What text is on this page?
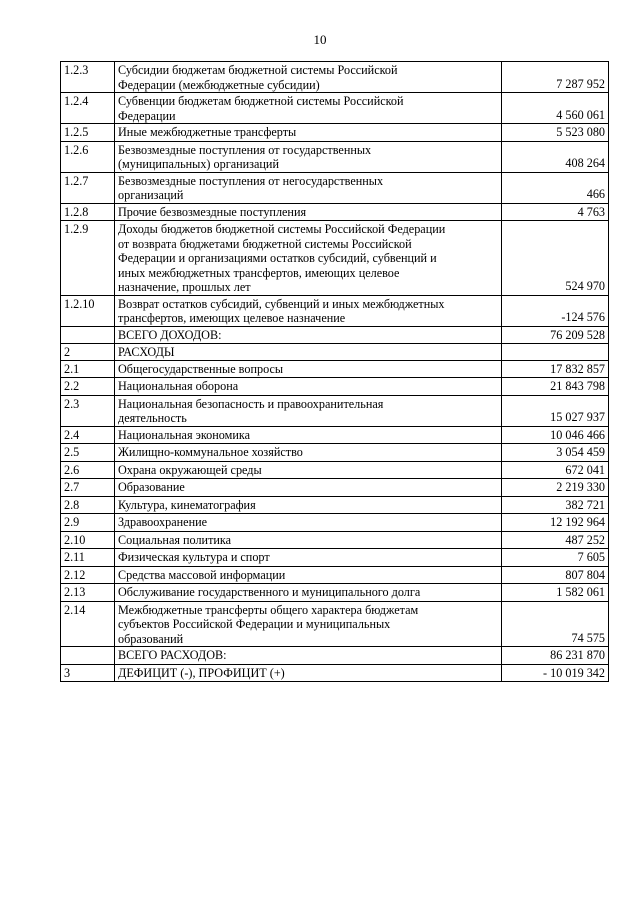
10
1.2.3	Субсидии бюджетам бюджетной системы Российской
Федерации (межбюджетные субсидии)	7 287 952
1.2.4	Субвенции бюджетам бюджетной системы Российской
Федерации	4 560 061
1.2.5	Иные межбюджетные трансферты	5 523 080
1.2.6	Безвозмездные поступления от государственных
(муниципальных) организаций	408 264
1.2.7	Безвозмездные поступления от негосударственных
организаций	466
1.2.8	Прочие безвозмездные поступления	4 763
1.2.9	Доходы бюджетов бюджетной системы Российской Федерации
от возврата бюджетами бюджетной системы Российской
Федерации и организациями остатков субсидий, субвенций и
иных межбюджетных трансфертов, имеющих целевое
назначение, прошлых лет	524 970
1.2.10	Возврат остатков субсидий, субвенций и иных межбюджетных
трансфертов, имеющих целевое назначение	-124 576

	ВСЕГО ДОХОДОВ:	76 209 528
2	РАСХОДЫ	

2.1	Общегосударственные вопросы	17 832 857
2.2	Национальная оборона	21 843 798
2.3	Национальная безопасность и правоохранительная
деятельность	15 027 937
2.4	Национальная экономика	10 046 466
2.5	Жилищно-коммунальное хозяйство	3 054 459
2.6	Охрана окружающей среды	672 041
2.7	Образование	2 219 330
2.8	Культура, кинематография	382 721
2.9	Здравоохранение	12 192 964
2.10	Социальная политика	487 252
2.11	Физическая культура и спорт	7 605
2.12	Средства массовой информации	807 804
2.13	Обслуживание государственного и муниципального долга	1 582 061
2.14	Межбюджетные трансферты общего характера бюджетам
субъектов Российской Федерации и муниципальных
образований	74 575

	ВСЕГО РАСХОДОВ:	86 231 870
3	ДЕФИЦИТ (-), ПРОФИЦИТ (+)	- 10 019 342
